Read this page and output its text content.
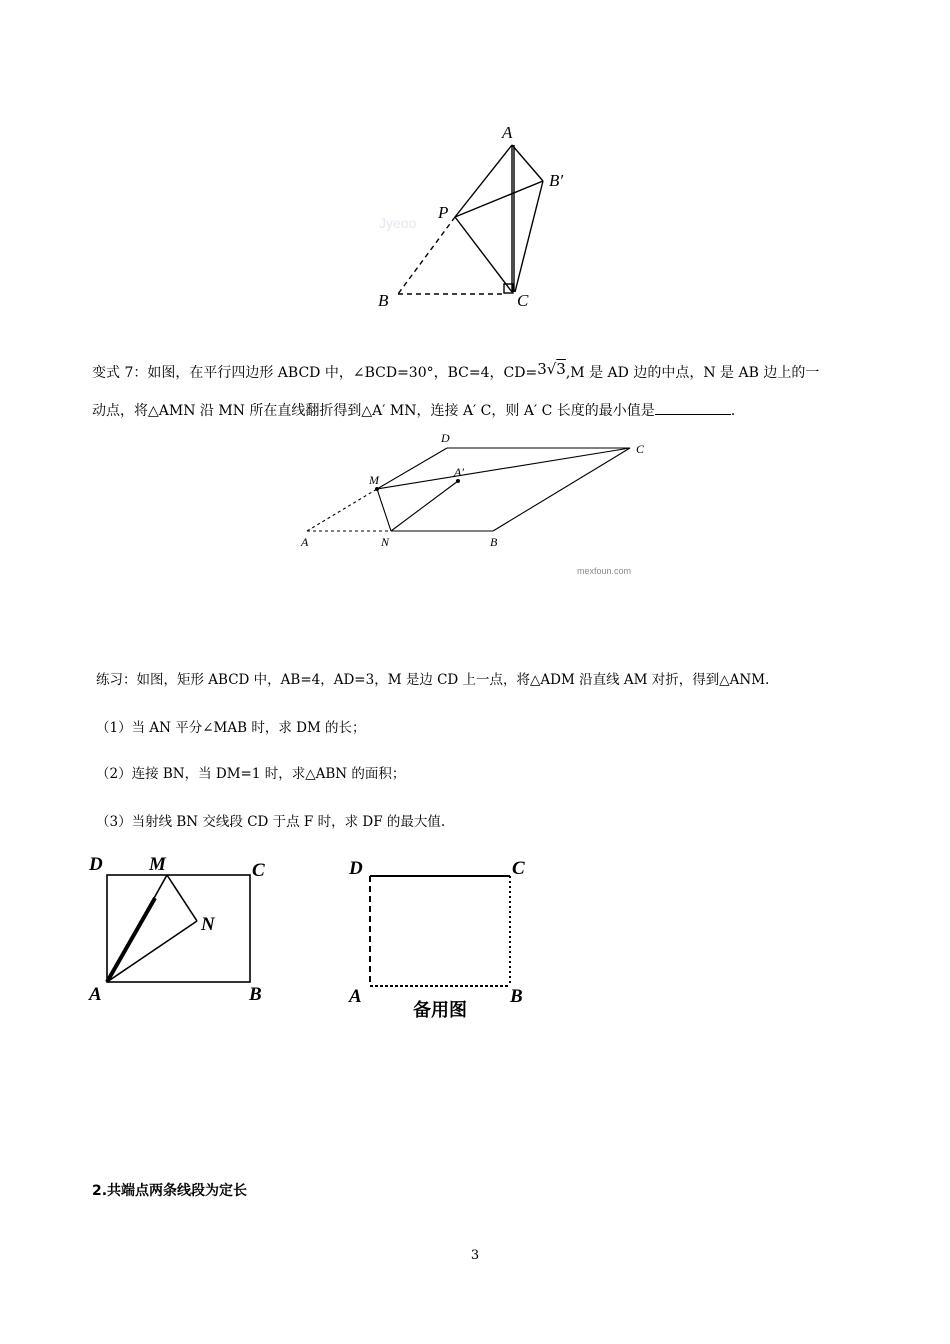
Jyeoo
A
B′
P
B	C
变式 7：如图，在平行四边形 ABCD 中，∠BCD=30°，BC=4，CD=3√3,M 是 AD 边的中点，N 是 AB 边上的一
动点，将△AMN 沿 MN 所在直线翻折得到△A′ MN，连接 A′ C，则 A′ C 长度的最小值是	.
D
C
M
A′
A	N	B
mexfoun.com
练习：如图，矩形 ABCD 中，AB=4，AD=3，M 是边 CD 上一点，将△ADM 沿直线 AM 对折，得到△ANM.
（1）当 AN 平分∠MAB 时，求 DM 的长；
（2）连接 BN，当 DM=1 时，求△ABN 的面积；
（3）当射线 BN 交线段 CD 于点 F 时，求 DF 的最大值.
D M	C
N
A	B
D	C
A	B
备用图
2.共端点两条线段为定长
3
